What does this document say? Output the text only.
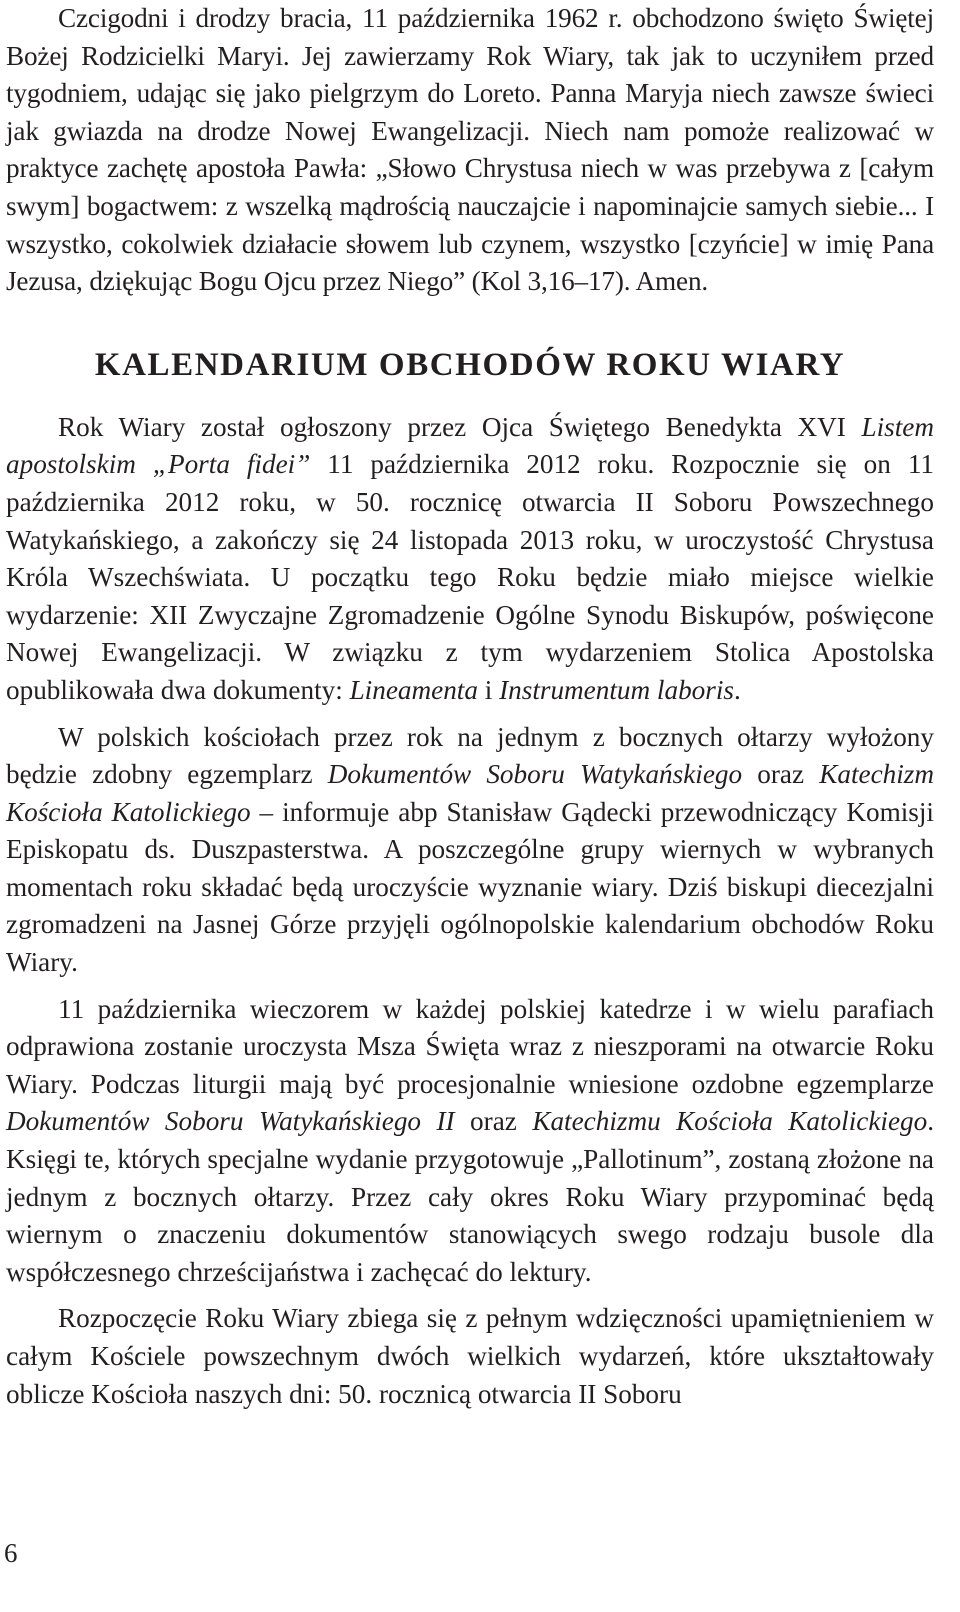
Czcigodni i drodzy bracia, 11 października 1962 r. obchodzono święto Świętej Bożej Rodzicielki Maryi. Jej zawierzamy Rok Wiary, tak jak to uczyniłem przed tygodniem, udając się jako pielgrzym do Loreto. Panna Maryja niech zawsze świeci jak gwiazda na drodze Nowej Ewangelizacji. Niech nam pomoże realizować w praktyce zachętę apostoła Pawła: „Słowo Chrystusa niech w was przebywa z [całym swym] bogactwem: z wszelką mądrością nauczajcie i napominajcie samych siebie... I wszystko, cokolwiek działacie słowem lub czynem, wszystko [czyńcie] w imię Pana Jezusa, dziękując Bogu Ojcu przez Niego” (Kol 3,16–17). Amen.

KALENDARIUM OBCHODÓW ROKU WIARY

Rok Wiary został ogłoszony przez Ojca Świętego Benedykta XVI Listem apostolskim „Porta fidei” 11 października 2012 roku. Rozpocznie się on 11 października 2012 roku, w 50. rocznicę otwarcia II Soboru Powszechnego Watykańskiego, a zakończy się 24 listopada 2013 roku, w uroczystość Chrystusa Króla Wszechświata. U początku tego Roku będzie miało miejsce wielkie wydarzenie: XII Zwyczajne Zgromadzenie Ogólne Synodu Biskupów, poświęcone Nowej Ewangelizacji. W związku z tym wydarzeniem Stolica Apostolska opublikowała dwa dokumenty: Lineamenta i Instrumentum laboris.

W polskich kościołach przez rok na jednym z bocznych ołtarzy wyłożony będzie zdobny egzemplarz Dokumentów Soboru Watykańskiego oraz Katechizm Kościoła Katolickiego – informuje abp Stanisław Gądecki przewodniczący Komisji Episkopatu ds. Duszpasterstwa. A poszczególne grupy wiernych w wybranych momentach roku składać będą uroczyście wyznanie wiary. Dziś biskupi diecezjalni zgromadzeni na Jasnej Górze przyjęli ogólnopolskie kalendarium obchodów Roku Wiary.

11 października wieczorem w każdej polskiej katedrze i w wielu parafiach odprawiona zostanie uroczysta Msza Święta wraz z nieszporami na otwarcie Roku Wiary. Podczas liturgii mają być procesjonalnie wniesione ozdobne egzemplarze Dokumentów Soboru Watykańskiego II oraz Katechizmu Kościoła Katolickiego. Księgi te, których specjalne wydanie przygotowuje „Pallotinum”, zostaną złożone na jednym z bocznych ołtarzy. Przez cały okres Roku Wiary przypominać będą wiernym o znaczeniu dokumentów stanowiących swego rodzaju busole dla współczesnego chrześcijaństwa i zachęcać do lektury.

Rozpoczęcie Roku Wiary zbiega się z pełnym wdzięczności upamiętnieniem w całym Kościele powszechnym dwóch wielkich wydarzeń, które ukształtowały oblicze Kościoła naszych dni: 50. rocznicą otwarcia II Soboru

6
